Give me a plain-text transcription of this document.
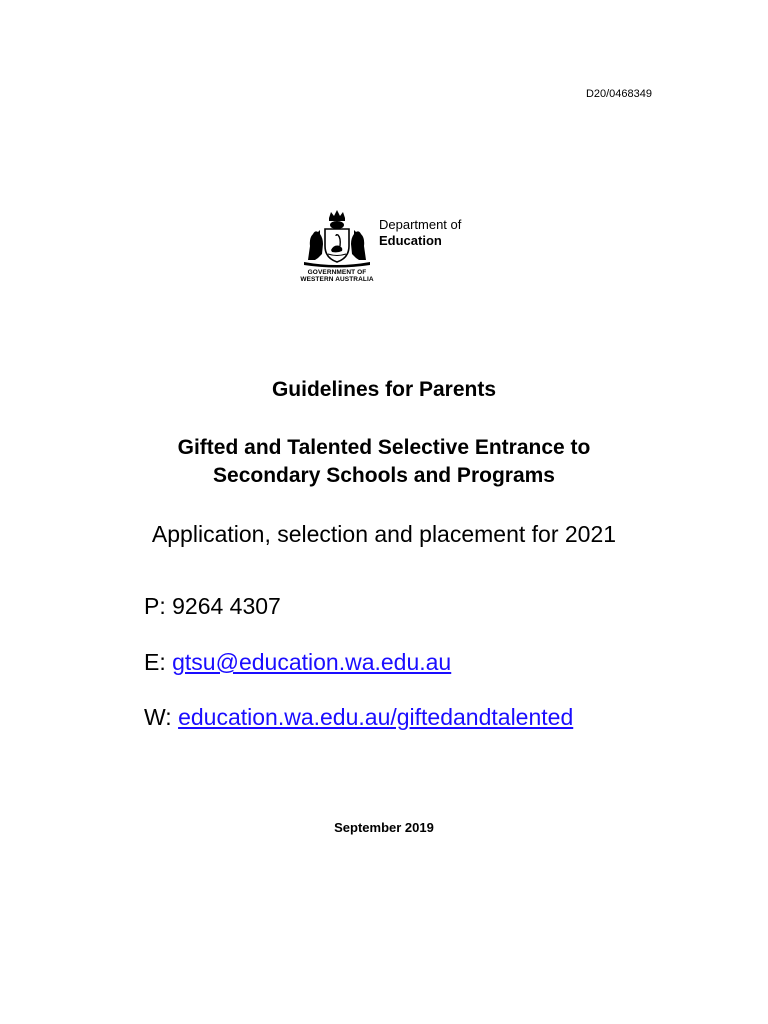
D20/0468349
GOVERNMENT OF
WESTERN AUSTRALIA
Department of
Education
Guidelines for Parents
Gifted and Talented Selective Entrance to
Secondary Schools and Programs
Application, selection and placement for 2021
P: 9264 4307
E: gtsu@education.wa.edu.au
W: education.wa.edu.au/giftedandtalented
September 2019
